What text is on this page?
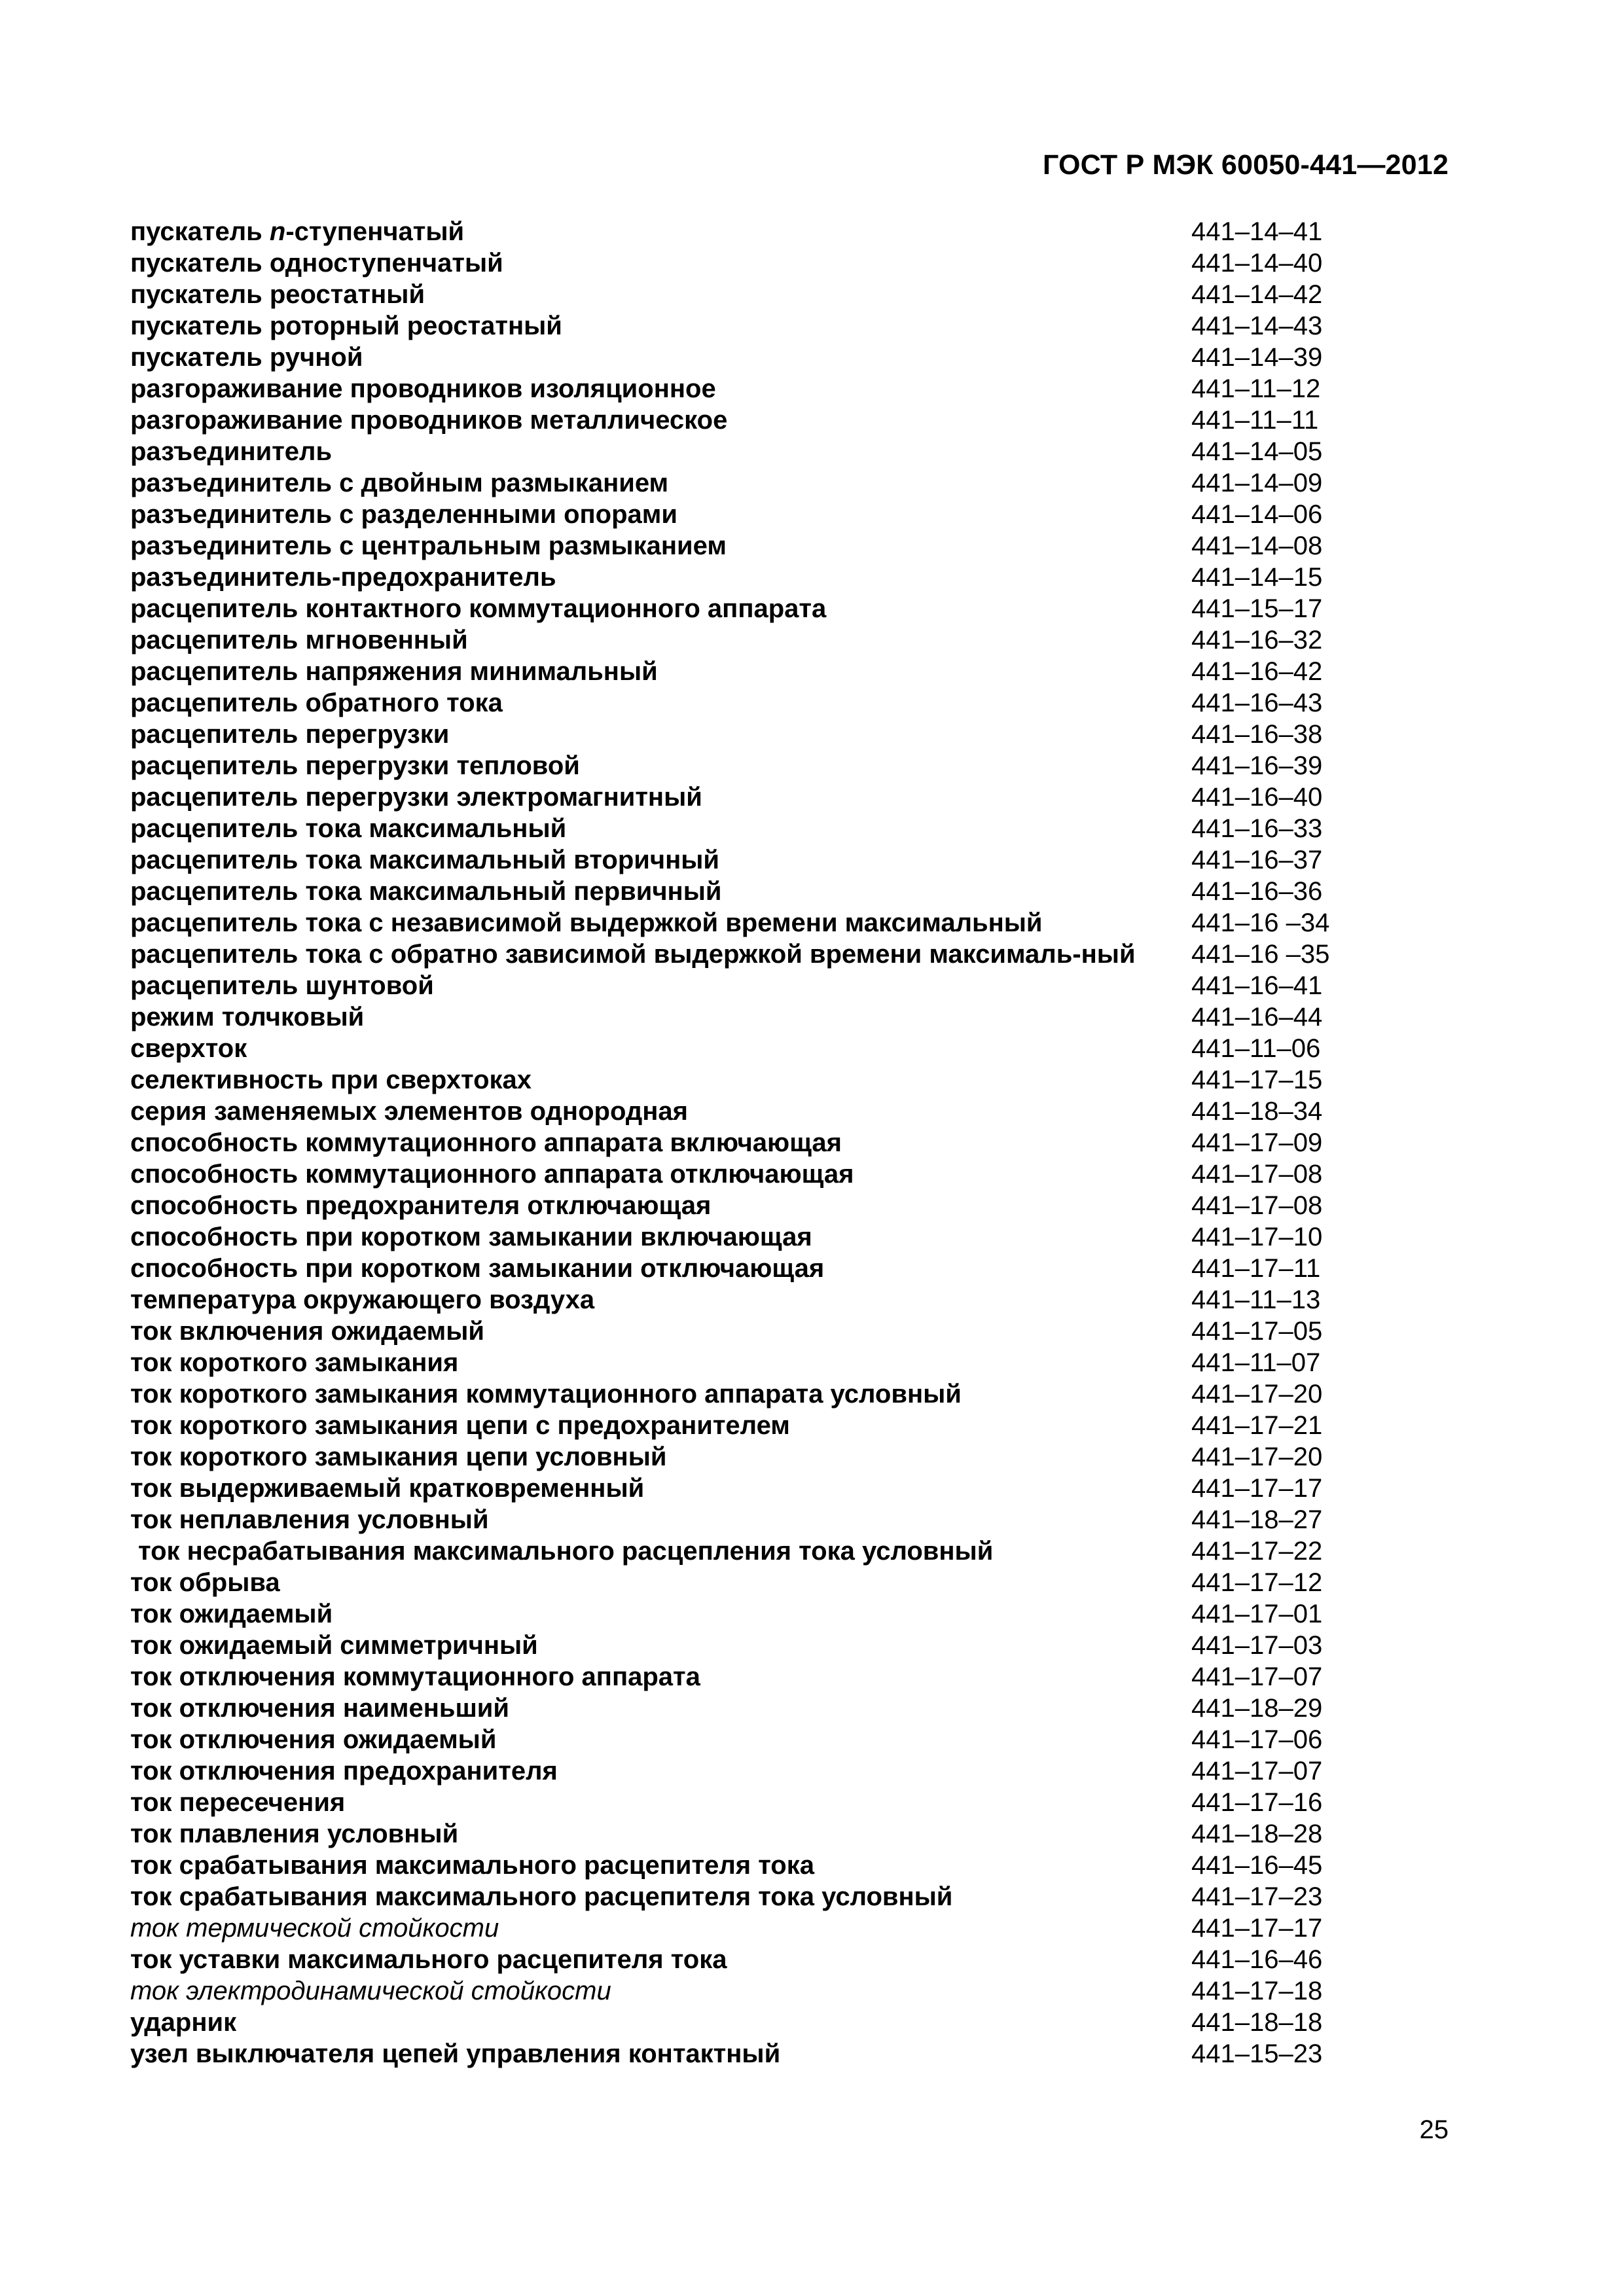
ГОСТ Р МЭК 60050-441—2012
пускатель n-ступенчатый	441–14–41
пускатель одноступенчатый	441–14–40
пускатель реостатный	441–14–42
пускатель роторный реостатный	441–14–43
пускатель ручной	441–14–39
разгораживание проводников изоляционное	441–11–12
разгораживание проводников металлическое	441–11–11
разъединитель	441–14–05
разъединитель с двойным размыканием	441–14–09
разъединитель с разделенными опорами	441–14–06
разъединитель с центральным размыканием	441–14–08
разъединитель-предохранитель	441–14–15
расцепитель контактного коммутационного аппарата	441–15–17
расцепитель мгновенный	441–16–32
расцепитель напряжения минимальный	441–16–42
расцепитель обратного тока	441–16–43
расцепитель перегрузки	441–16–38
расцепитель перегрузки тепловой	441–16–39
расцепитель перегрузки электромагнитный	441–16–40
расцепитель тока максимальный	441–16–33
расцепитель тока максимальный вторичный	441–16–37
расцепитель тока максимальный первичный	441–16–36
расцепитель тока с независимой выдержкой времени максимальный	441–16 –34
расцепитель тока с обратно зависимой выдержкой времени максималь-ный	441–16 –35
расцепитель шунтовой	441–16–41
режим толчковый	441–16–44
сверхток	441–11–06
селективность при сверхтоках	441–17–15
серия заменяемых элементов однородная	441–18–34
способность коммутационного аппарата включающая	441–17–09
способность коммутационного аппарата отключающая	441–17–08
способность предохранителя отключающая	441–17–08
способность при коротком замыкании включающая	441–17–10
способность при коротком замыкании отключающая	441–17–11
температура окружающего воздуха	441–11–13
ток включения ожидаемый	441–17–05
ток короткого замыкания	441–11–07
ток короткого замыкания коммутационного аппарата условный	441–17–20
ток короткого замыкания цепи с предохранителем	441–17–21
ток короткого замыкания цепи условный	441–17–20
ток выдерживаемый кратковременный	441–17–17
ток неплавления условный	441–18–27
ток несрабатывания максимального расцепления тока условный	441–17–22
ток обрыва	441–17–12
ток ожидаемый	441–17–01
ток ожидаемый симметричный	441–17–03
ток отключения коммутационного аппарата	441–17–07
ток отключения наименьший	441–18–29
ток отключения ожидаемый	441–17–06
ток отключения предохранителя	441–17–07
ток пересечения	441–17–16
ток плавления условный	441–18–28
ток срабатывания максимального расцепителя тока	441–16–45
ток срабатывания максимального расцепителя тока условный	441–17–23
ток термической стойкости	441–17–17
ток уставки максимального расцепителя тока	441–16–46
ток электродинамической стойкости	441–17–18
ударник	441–18–18
узел выключателя цепей управления контактный	441–15–23
25
